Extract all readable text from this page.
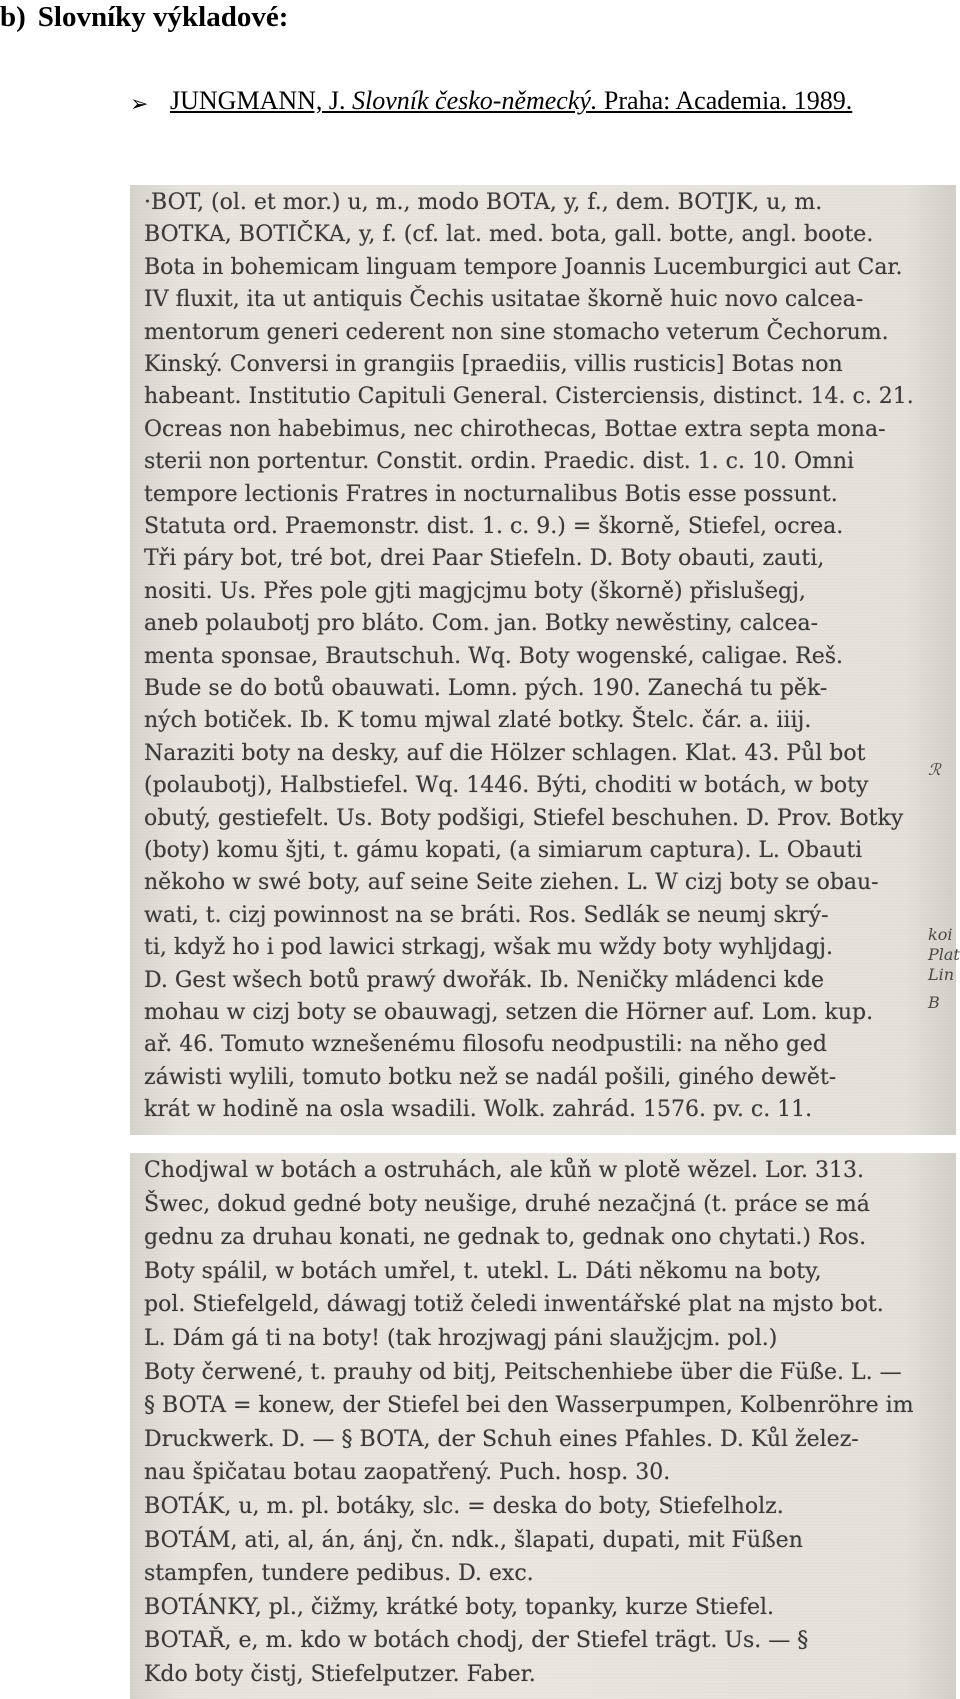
b) Slovníky výkladové:
➢ JUNGMANN, J. Slovník česko-německý. Praha: Academia. 1989.
·BOT, (ol. et mor.) u, m., modo BOTA, y, f., dem. BOTJK, u, m.
BOTKA, BOTIČKA, y, f. (cf. lat. med. bota, gall. botte, angl. boote.
Bota in bohemicam linguam tempore Joannis Lucemburgici aut Car.
IV fluxit, ita ut antiquis Čechis usitatae škorně huic novo calcea-
mentorum generi cederent non sine stomacho veterum Čechorum.
Kinský. Conversi in grangiis [praediis, villis rusticis] Botas non
habeant. Institutio Capituli General. Cisterciensis, distinct. 14. c. 21.
Ocreas non habebimus, nec chirothecas, Bottae extra septa mona-
sterii non portentur. Constit. ordin. Praedic. dist. 1. c. 10. Omni
tempore lectionis Fratres in nocturnalibus Botis esse possunt.
Statuta ord. Praemonstr. dist. 1. c. 9.) = škorně, Stiefel, ocrea.
Tři páry bot, tré bot, drei Paar Stiefeln. D. Boty obauti, zauti,
nositi. Us. Přes pole gjti magjcjmu boty (škorně) přislušegj,
aneb polaubotj pro bláto. Com. jan. Botky newěstiny, calcea-
menta sponsae, Brautschuh. Wq. Boty wogenské, caligae. Reš.
Bude se do botů obauwati. Lomn. pých. 190. Zanechá tu pěk-
ných botiček. Ib. K tomu mjwal zlaté botky. Štelc. čár. a. iiij.
Naraziti boty na desky, auf die Hölzer schlagen. Klat. 43. Půl bot
(polaubotj), Halbstiefel. Wq. 1446. Býti, choditi w botách, w boty
obutý, gestiefelt. Us. Boty podšigi, Stiefel beschuhen. D. Prov. Botky
(boty) komu šjti, t. gámu kopati, (a simiarum captura). L. Obauti
někoho w swé boty, auf seine Seite ziehen. L. W cizj boty se obau-
wati, t. cizj powinnost na se bráti. Ros. Sedlák se neumj skrý-
ti, když ho i pod lawici strkagj, wšak mu wždy boty wyhljdagj.
D. Gest wšech botů prawý dwořák. Ib. Neničky mládenci kde
mohau w cizj boty se obauwagj, setzen die Hörner auf. Lom. kup.
ař. 46. Tomuto wznešenému filosofu neodpustili: na něho ged
záwisti wylili, tomuto botku než se nadál pošili, giného dewět-
krát w hodině na osla wsadili. Wolk. zahrád. 1576. pv. c. 11.
ℛ
koi
Plat
Lin
B
Chodjwal w botách a ostruhách, ale kůň w plotě wězel. Lor. 313.
Šwec, dokud gedné boty neušige, druhé nezačjná (t. práce se má
gednu za druhau konati, ne gednak to, gednak ono chytati.) Ros.
Boty spálil, w botách umřel, t. utekl. L. Dáti někomu na boty,
pol. Stiefelgeld, dáwagj totiž čeledi inwentářské plat na mjsto bot.
L. Dám gá ti na boty! (tak hrozjwagj páni slaužjcjm. pol.)
Boty čerwené, t. prauhy od bitj, Peitschenhiebe über die Füße. L. —
§ BOTA = konew, der Stiefel bei den Wasserpumpen, Kolbenröhre im
Druckwerk. D. — § BOTA, der Schuh eines Pfahles. D. Kůl želez-
nau špičatau botau zaopatřený. Puch. hosp. 30.
BOTÁK, u, m. pl. botáky, slc. = deska do boty, Stiefelholz.
BOTÁM, ati, al, án, ánj, čn. ndk., šlapati, dupati, mit Füßen
stampfen, tundere pedibus. D. exc.
BOTÁNKY, pl., čižmy, krátké boty, topanky, kurze Stiefel.
BOTAŘ, e, m. kdo w botách chodj, der Stiefel trägt. Us. — §
Kdo boty čistj, Stiefelputzer. Faber.
